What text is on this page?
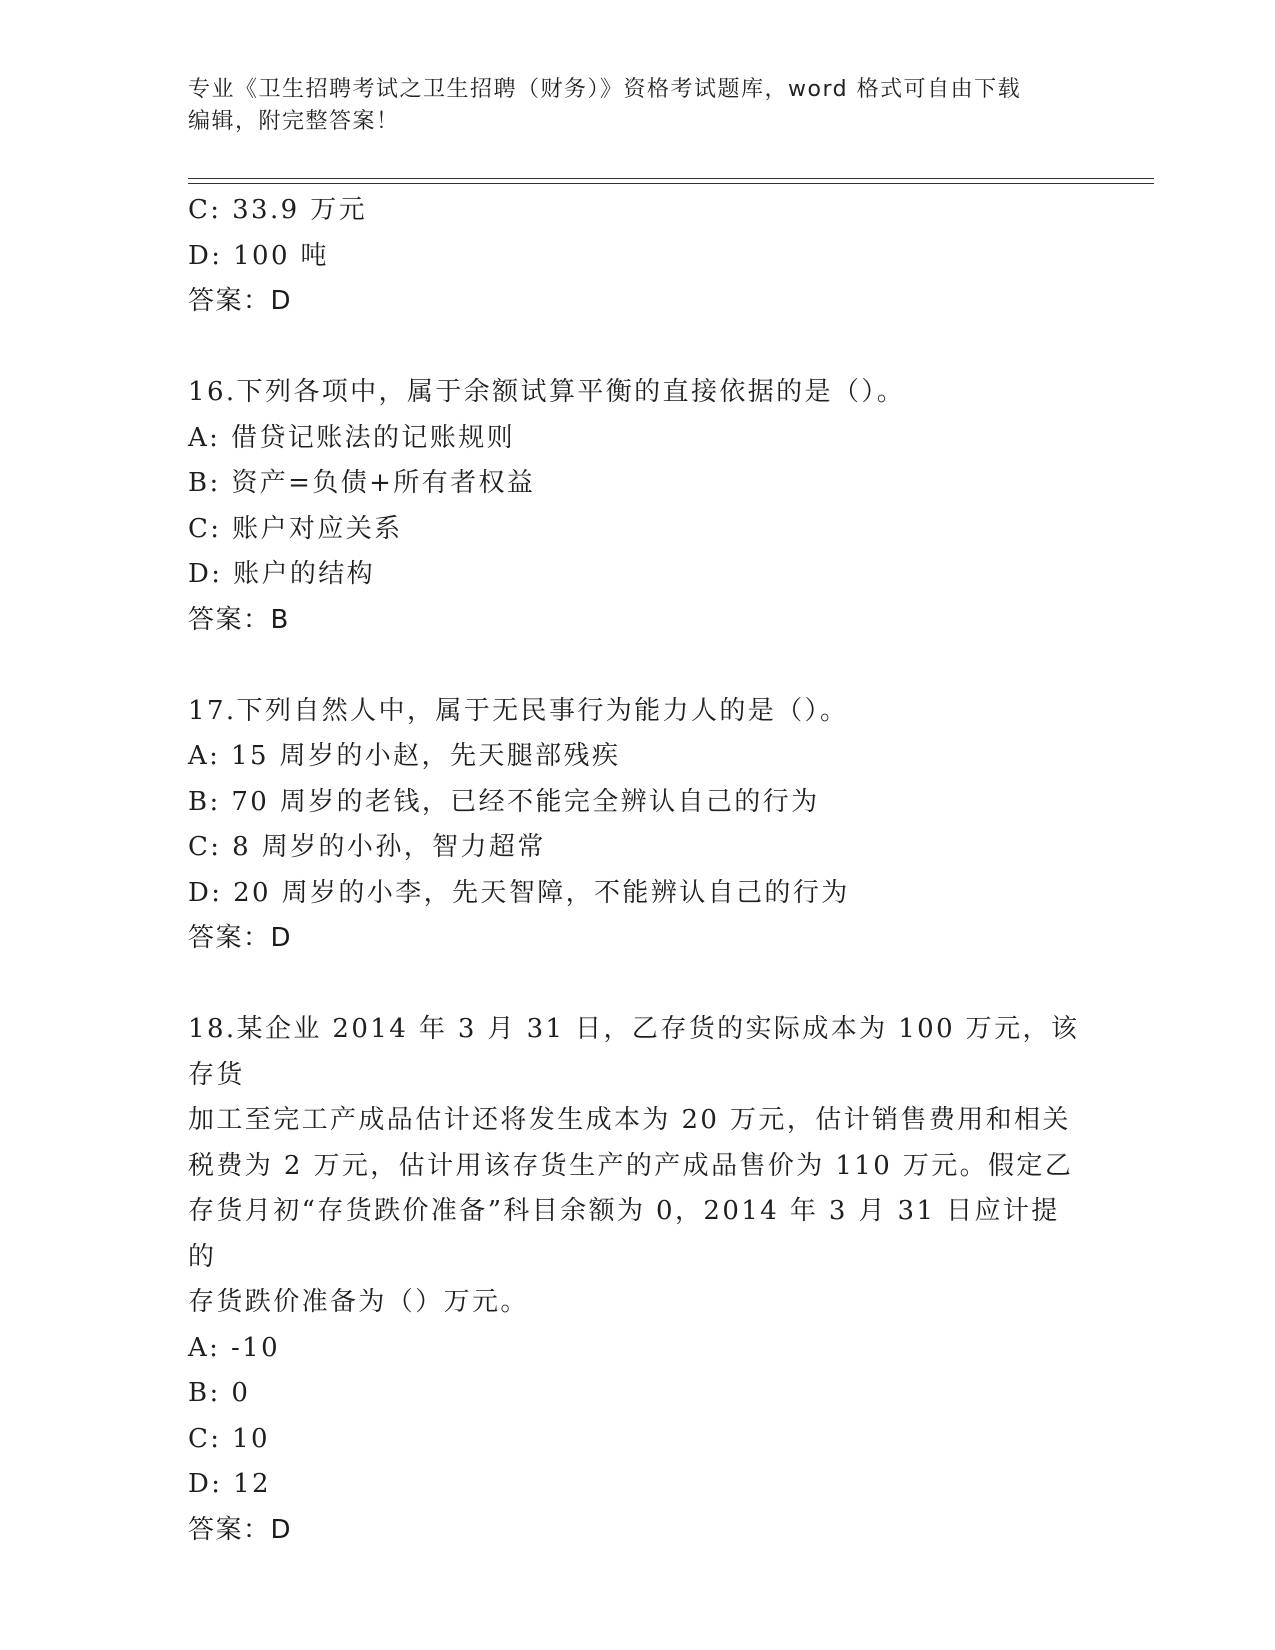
专业《卫生招聘考试之卫生招聘（财务）》资格考试题库，word 格式可自由下载
编辑，附完整答案！
C: 33.9 万元
D: 100 吨
答案：D
16.下列各项中，属于余额试算平衡的直接依据的是（）。
A: 借贷记账法的记账规则
B: 资产=负债+所有者权益
C: 账户对应关系
D: 账户的结构
答案：B
17.下列自然人中，属于无民事行为能力人的是（）。
A: 15 周岁的小赵，先天腿部残疾
B: 70 周岁的老钱，已经不能完全辨认自己的行为
C: 8 周岁的小孙，智力超常
D: 20 周岁的小李，先天智障，不能辨认自己的行为
答案：D
18.某企业 2014 年 3 月 31 日，乙存货的实际成本为 100 万元，该存货
加工至完工产成品估计还将发生成本为 20 万元，估计销售费用和相关
税费为 2 万元，估计用该存货生产的产成品售价为 110 万元。假定乙
存货月初“存货跌价准备”科目余额为 0，2014 年 3 月 31 日应计提的
存货跌价准备为（）万元。
A: -10
B: 0
C: 10
D: 12
答案：D
